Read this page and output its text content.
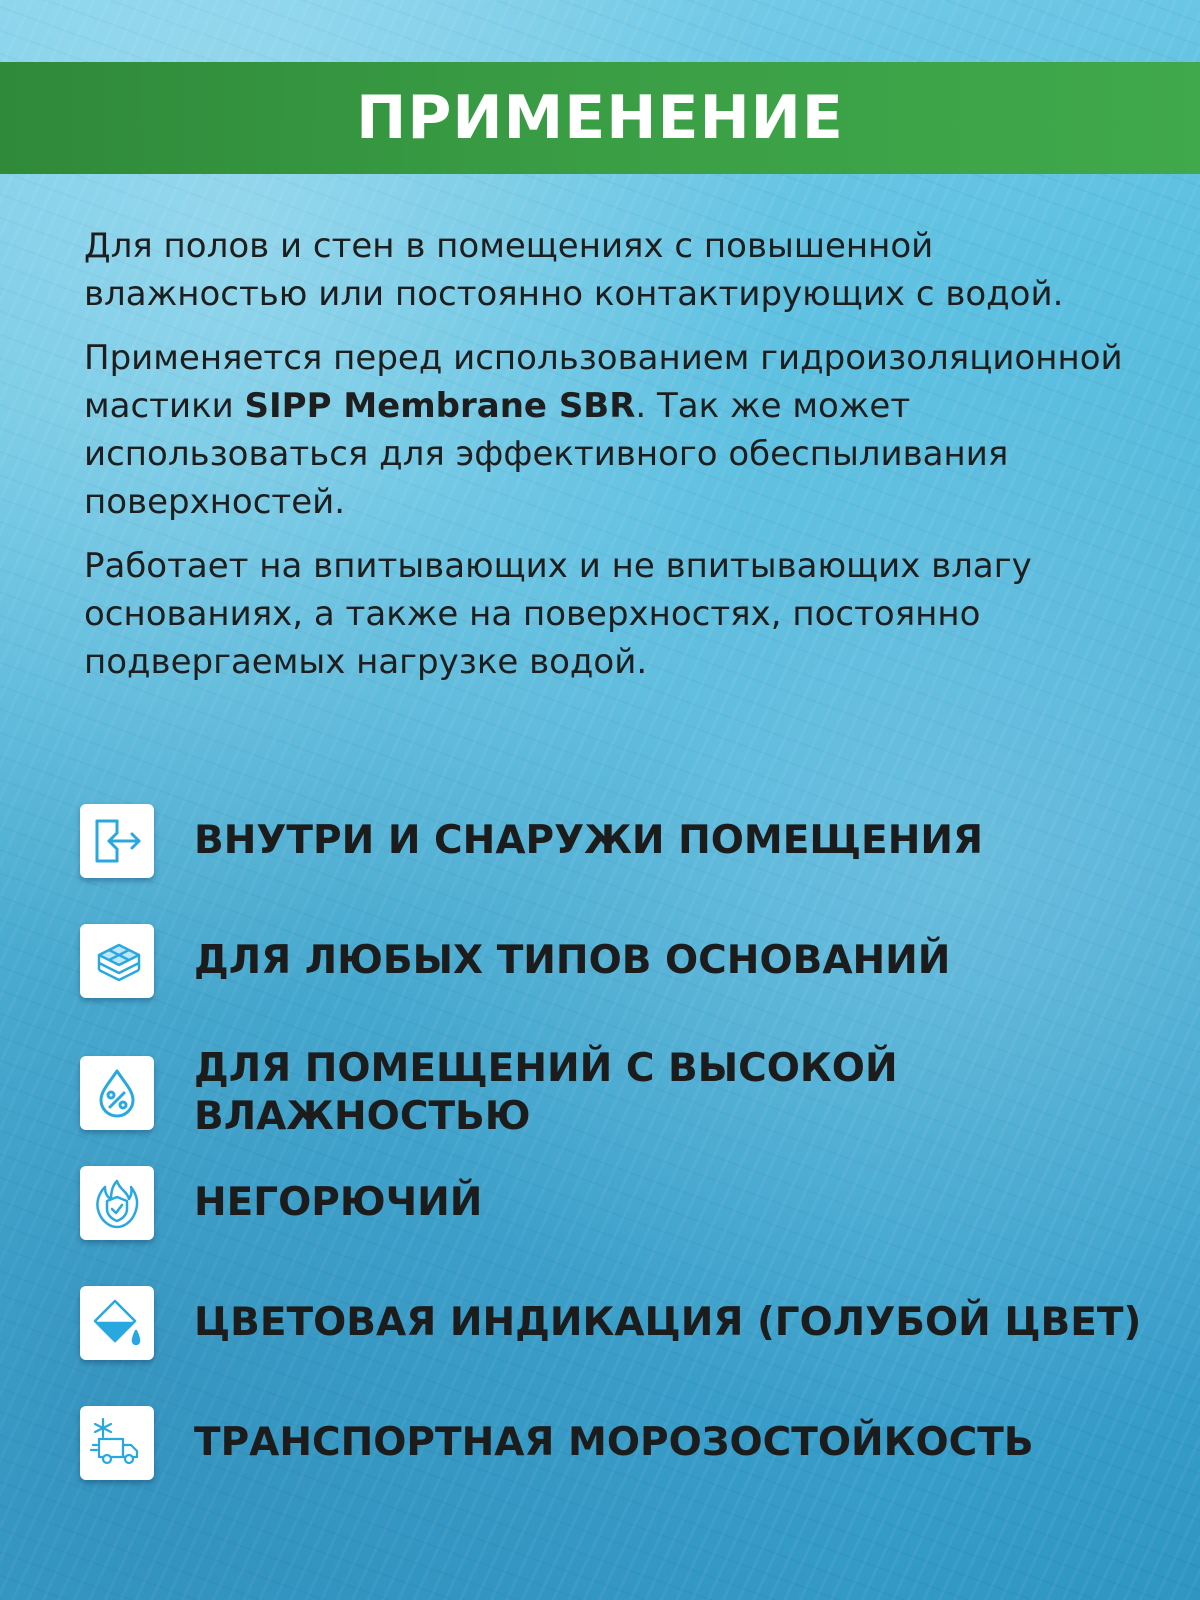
ПРИМЕНЕНИЕ

Для полов и стен в помещениях с повышенной влажностью или постоянно контактирующих с водой.

Применяется перед использованием гидроизоляционной мастики SIPP Membrane SBR. Так же может использоваться для эффективного обеспыливания поверхностей.

Работает на впитывающих и не впитывающих влагу основаниях, а также на поверхностях, постоянно подвергаемых нагрузке водой.

ВНУТРИ И СНАРУЖИ ПОМЕЩЕНИЯ
ДЛЯ ЛЮБЫХ ТИПОВ ОСНОВАНИЙ
ДЛЯ ПОМЕЩЕНИЙ С ВЫСОКОЙ ВЛАЖНОСТЬЮ
НЕГОРЮЧИЙ
ЦВЕТОВАЯ ИНДИКАЦИЯ (ГОЛУБОЙ ЦВЕТ)
ТРАНСПОРТНАЯ МОРОЗОСТОЙКОСТЬ
